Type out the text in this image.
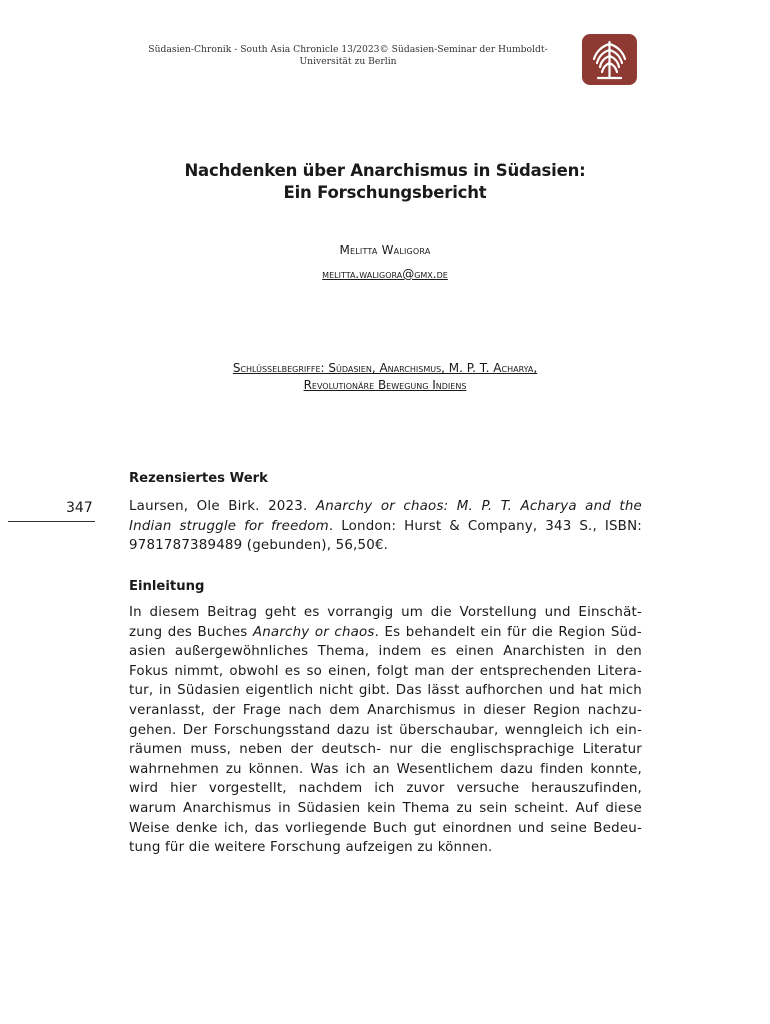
Südasien-Chronik - South Asia Chronicle 13/2023© Südasien-Seminar der Humboldt-
Universität zu Berlin
Nachdenken über Anarchismus in Südasien:
Ein Forschungsbericht
Melitta Waligora
melitta.waligora@gmx.de
Schlüsselbegriffe: Südasien, Anarchismus, M. P. T. Acharya,
Revolutionäre Bewegung Indiens
Rezensiertes Werk
347	Laursen, Ole Birk. 2023. Anarchy or chaos: M. P. T. Acharya and the
Indian struggle for freedom. London: Hurst & Company, 343 S., ISBN:
9781787389489 (gebunden), 56,50€.
Einleitung
In diesem Beitrag geht es vorrangig um die Vorstellung und Einschät-
zung des Buches Anarchy or chaos. Es behandelt ein für die Region Süd-
asien außergewöhnliches Thema, indem es einen Anarchisten in den
Fokus nimmt, obwohl es so einen, folgt man der entsprechenden Litera-
tur, in Südasien eigentlich nicht gibt. Das lässt aufhorchen und hat mich
veranlasst, der Frage nach dem Anarchismus in dieser Region nachzu-
gehen. Der Forschungsstand dazu ist überschaubar, wenngleich ich ein-
räumen muss, neben der deutsch- nur die englischsprachige Literatur
wahrnehmen zu können. Was ich an Wesentlichem dazu finden konnte,
wird hier vorgestellt, nachdem ich zuvor versuche herauszufinden,
warum Anarchismus in Südasien kein Thema zu sein scheint. Auf diese
Weise denke ich, das vorliegende Buch gut einordnen und seine Bedeu-
tung für die weitere Forschung aufzeigen zu können.
